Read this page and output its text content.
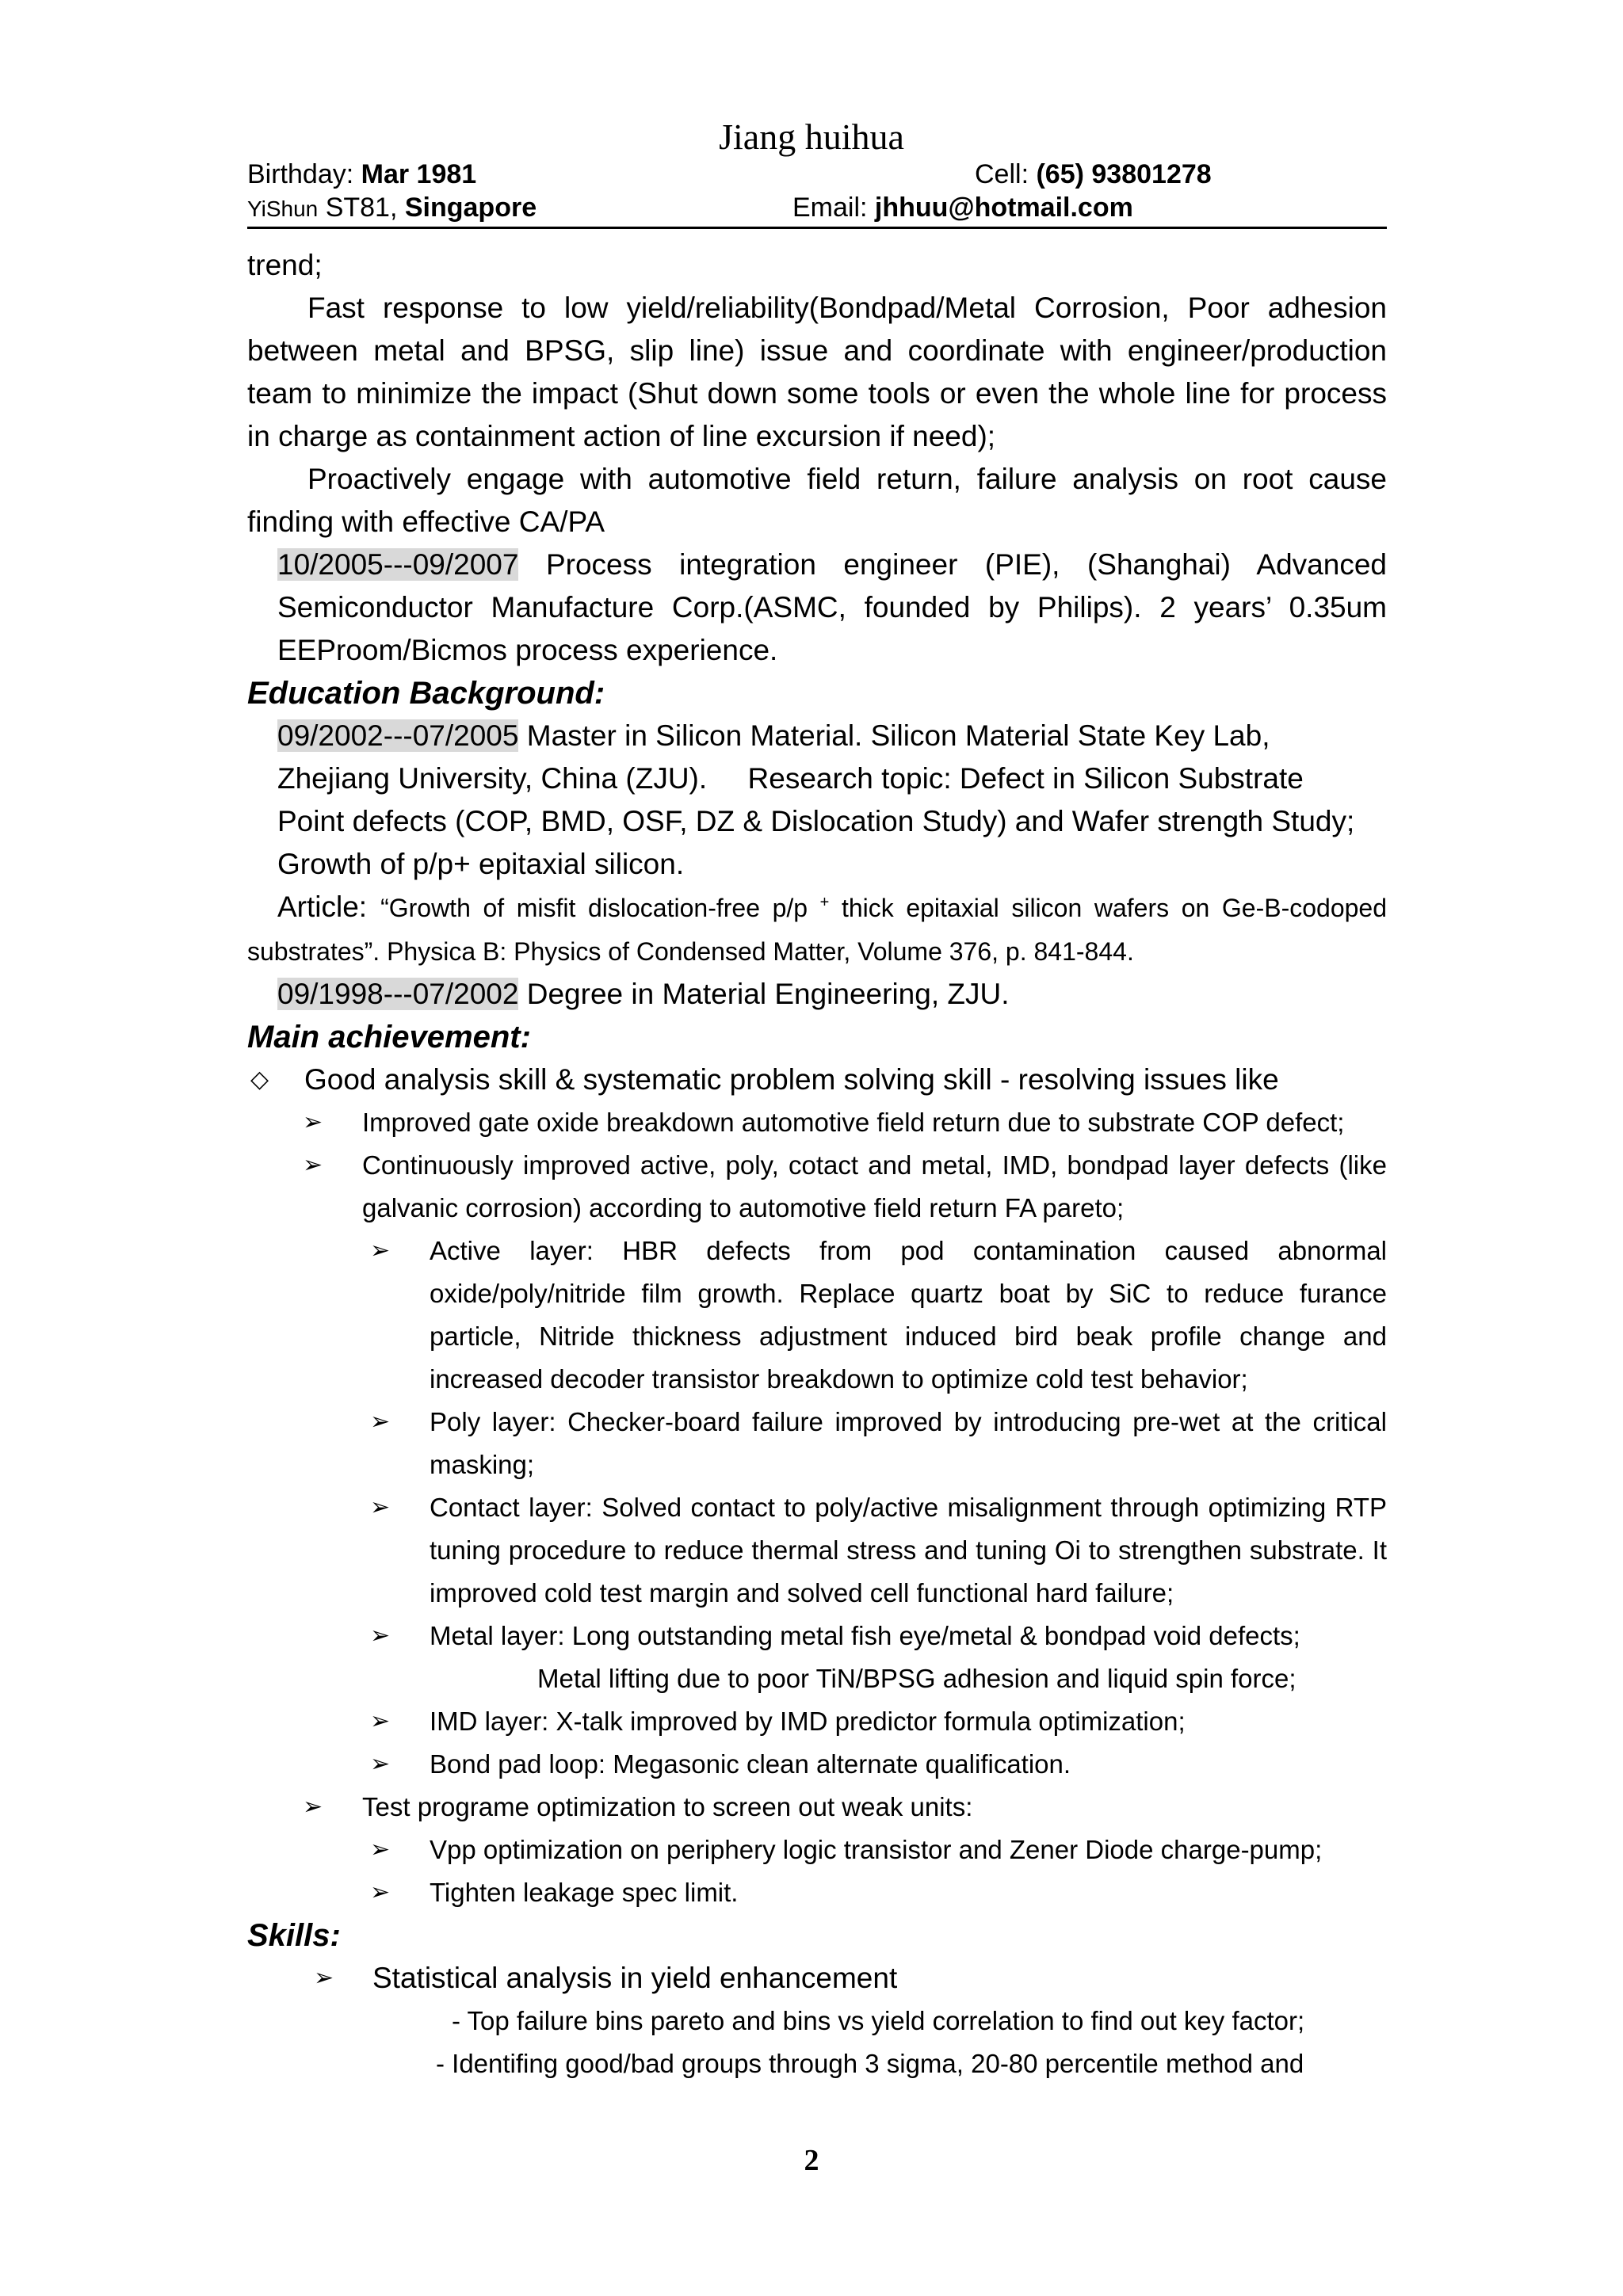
Jiang huihua
Birthday: Mar 1981	Cell: (65) 93801278
YiShun ST81, Singapore	Email: jhhuu@hotmail.com

trend;

Fast response to low yield/reliability(Bondpad/Metal Corrosion, Poor adhesion between metal and BPSG, slip line) issue and coordinate with engineer/production team to minimize the impact (Shut down some tools or even the whole line for process in charge as containment action of line excursion if need);

Proactively engage with automotive field return, failure analysis on root cause finding with effective CA/PA

10/2005---09/2007 Process integration engineer (PIE), (Shanghai) Advanced Semiconductor Manufacture Corp.(ASMC, founded by Philips). 2 years’ 0.35um EEProom/Bicmos process experience.

Education Background:

09/2002---07/2005 Master in Silicon Material. Silicon Material State Key Lab,

Zhejiang University, China (ZJU).     Research topic: Defect in Silicon Substrate

Point defects (COP, BMD, OSF, DZ & Dislocation Study) and Wafer strength Study;

Growth of p/p+ epitaxial silicon.

Article: “Growth of misfit dislocation-free p/p + thick epitaxial silicon wafers on Ge-B-codoped substrates”. Physica B: Physics of Condensed Matter, Volume 376, p. 841-844.

09/1998---07/2002 Degree in Material Engineering, ZJU.

Main achievement:

◇	Good analysis skill & systematic problem solving skill - resolving issues like
➢	Improved gate oxide breakdown automotive field return due to substrate COP defect;
➢	Continuously improved active, poly, cotact and metal, IMD, bondpad layer defects (like galvanic corrosion) according to automotive field return FA pareto;
➢	Active layer: HBR defects from pod contamination caused abnormal oxide/poly/nitride film growth. Replace quartz boat by SiC to reduce furance particle, Nitride thickness adjustment induced bird beak profile change and increased decoder transistor breakdown to optimize cold test behavior;
➢	Poly layer: Checker-board failure improved by introducing pre-wet at the critical masking;
➢	Contact layer: Solved contact to poly/active misalignment through optimizing RTP tuning procedure to reduce thermal stress and tuning Oi to strengthen substrate. It improved cold test margin and solved cell functional hard failure;
➢	Metal layer: Long outstanding metal fish eye/metal & bondpad void defects;

Metal lifting due to poor TiN/BPSG adhesion and liquid spin force;

➢	IMD layer: X-talk improved by IMD predictor formula optimization;
➢	Bond pad loop: Megasonic clean alternate qualification.
➢	Test programe optimization to screen out weak units:
➢	Vpp optimization on periphery logic transistor and Zener Diode charge-pump;
➢	Tighten leakage spec limit.

Skills:

➢	Statistical analysis in yield enhancement

- Top failure bins pareto and bins vs yield correlation to find out key factor;

- Identifing good/bad groups through 3 sigma, 20-80 percentile method and

2
